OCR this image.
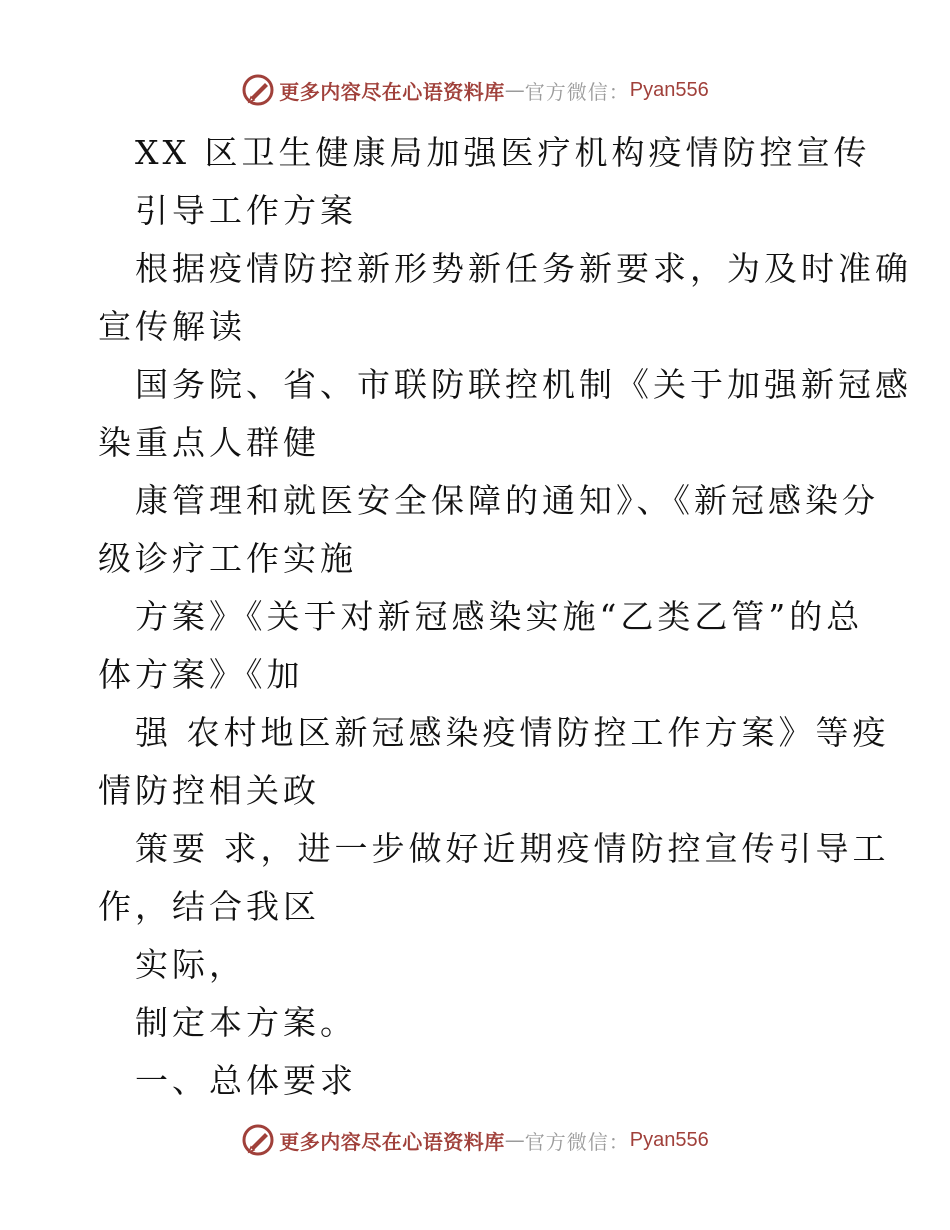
更多内容尽在心语资料库 — 官方微信： Pyan556
XX 区卫生健康局加强医疗机构疫情防控宣传
引导工作方案
根据疫情防控新形势新任务新要求，为及时准确
宣传解读
国务院、省、市联防联控机制《关于加强新冠感
染重点人群健
康管理和就医安全保障的通知》、《新冠感染分
级诊疗工作实施
方案》《关于对新冠感染实施“乙类乙管”的总
体方案》《加
强 农村地区新冠感染疫情防控工作方案》等疫
情防控相关政
策要 求，进一步做好近期疫情防控宣传引导工
作，结合我区
实际，
制定本方案。
一、总体要求
更多内容尽在心语资料库 — 官方微信： Pyan556
